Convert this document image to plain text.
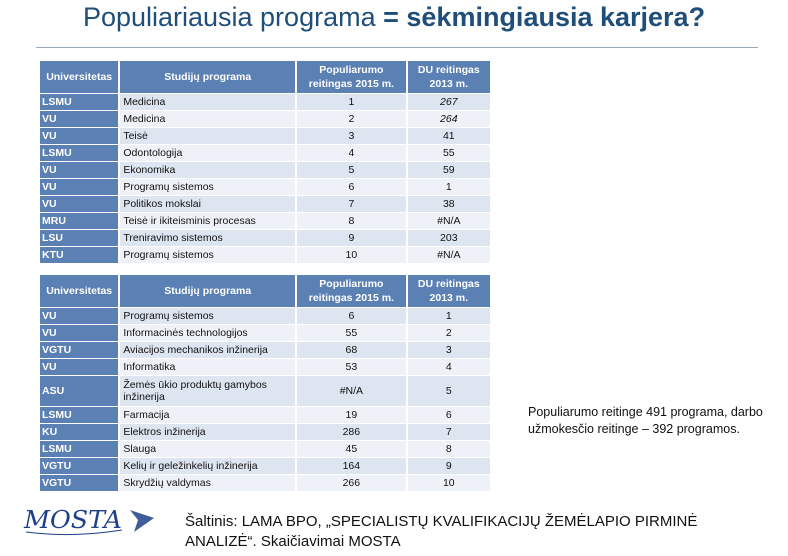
Populiariausia programa = sėkmingiausia karjera?
Universitetas	Studijų programa	Populiarumo reitingas 2015 m.	DU reitingas 2013 m.
LSMU	Medicina	1	267
VU	Medicina	2	264
VU	Teisė	3	41
LSMU	Odontologija	4	55
VU	Ekonomika	5	59
VU	Programų sistemos	6	1
VU	Politikos mokslai	7	38
MRU	Teisė ir ikiteisminis procesas	8	#N/A
LSU	Treniravimo sistemos	9	203
KTU	Programų sistemos	10	#N/A
Universitetas	Studijų programa	Populiarumo reitingas 2015 m.	DU reitingas 2013 m.
VU	Programų sistemos	6	1
VU	Informacinės technologijos	55	2
VGTU	Aviacijos mechanikos inžinerija	68	3
VU	Informatika	53	4
ASU	Žemės ūkio produktų gamybos inžinerija	#N/A	5
LSMU	Farmacija	19	6
KU	Elektros inžinerija	286	7
LSMU	Slauga	45	8
VGTU	Kelių ir geležinkelių inžinerija	164	9
VGTU	Skrydžių valdymas	266	10
Populiarumo reitinge 491 programa, darbo užmokesčio reitinge – 392 programos.
MOSTA	Šaltinis: LAMA BPO, „SPECIALISTŲ KVALIFIKACIJŲ ŽEMĖLAPIO PIRMINĖ ANALIZĖ“. Skaičiavimai MOSTA
